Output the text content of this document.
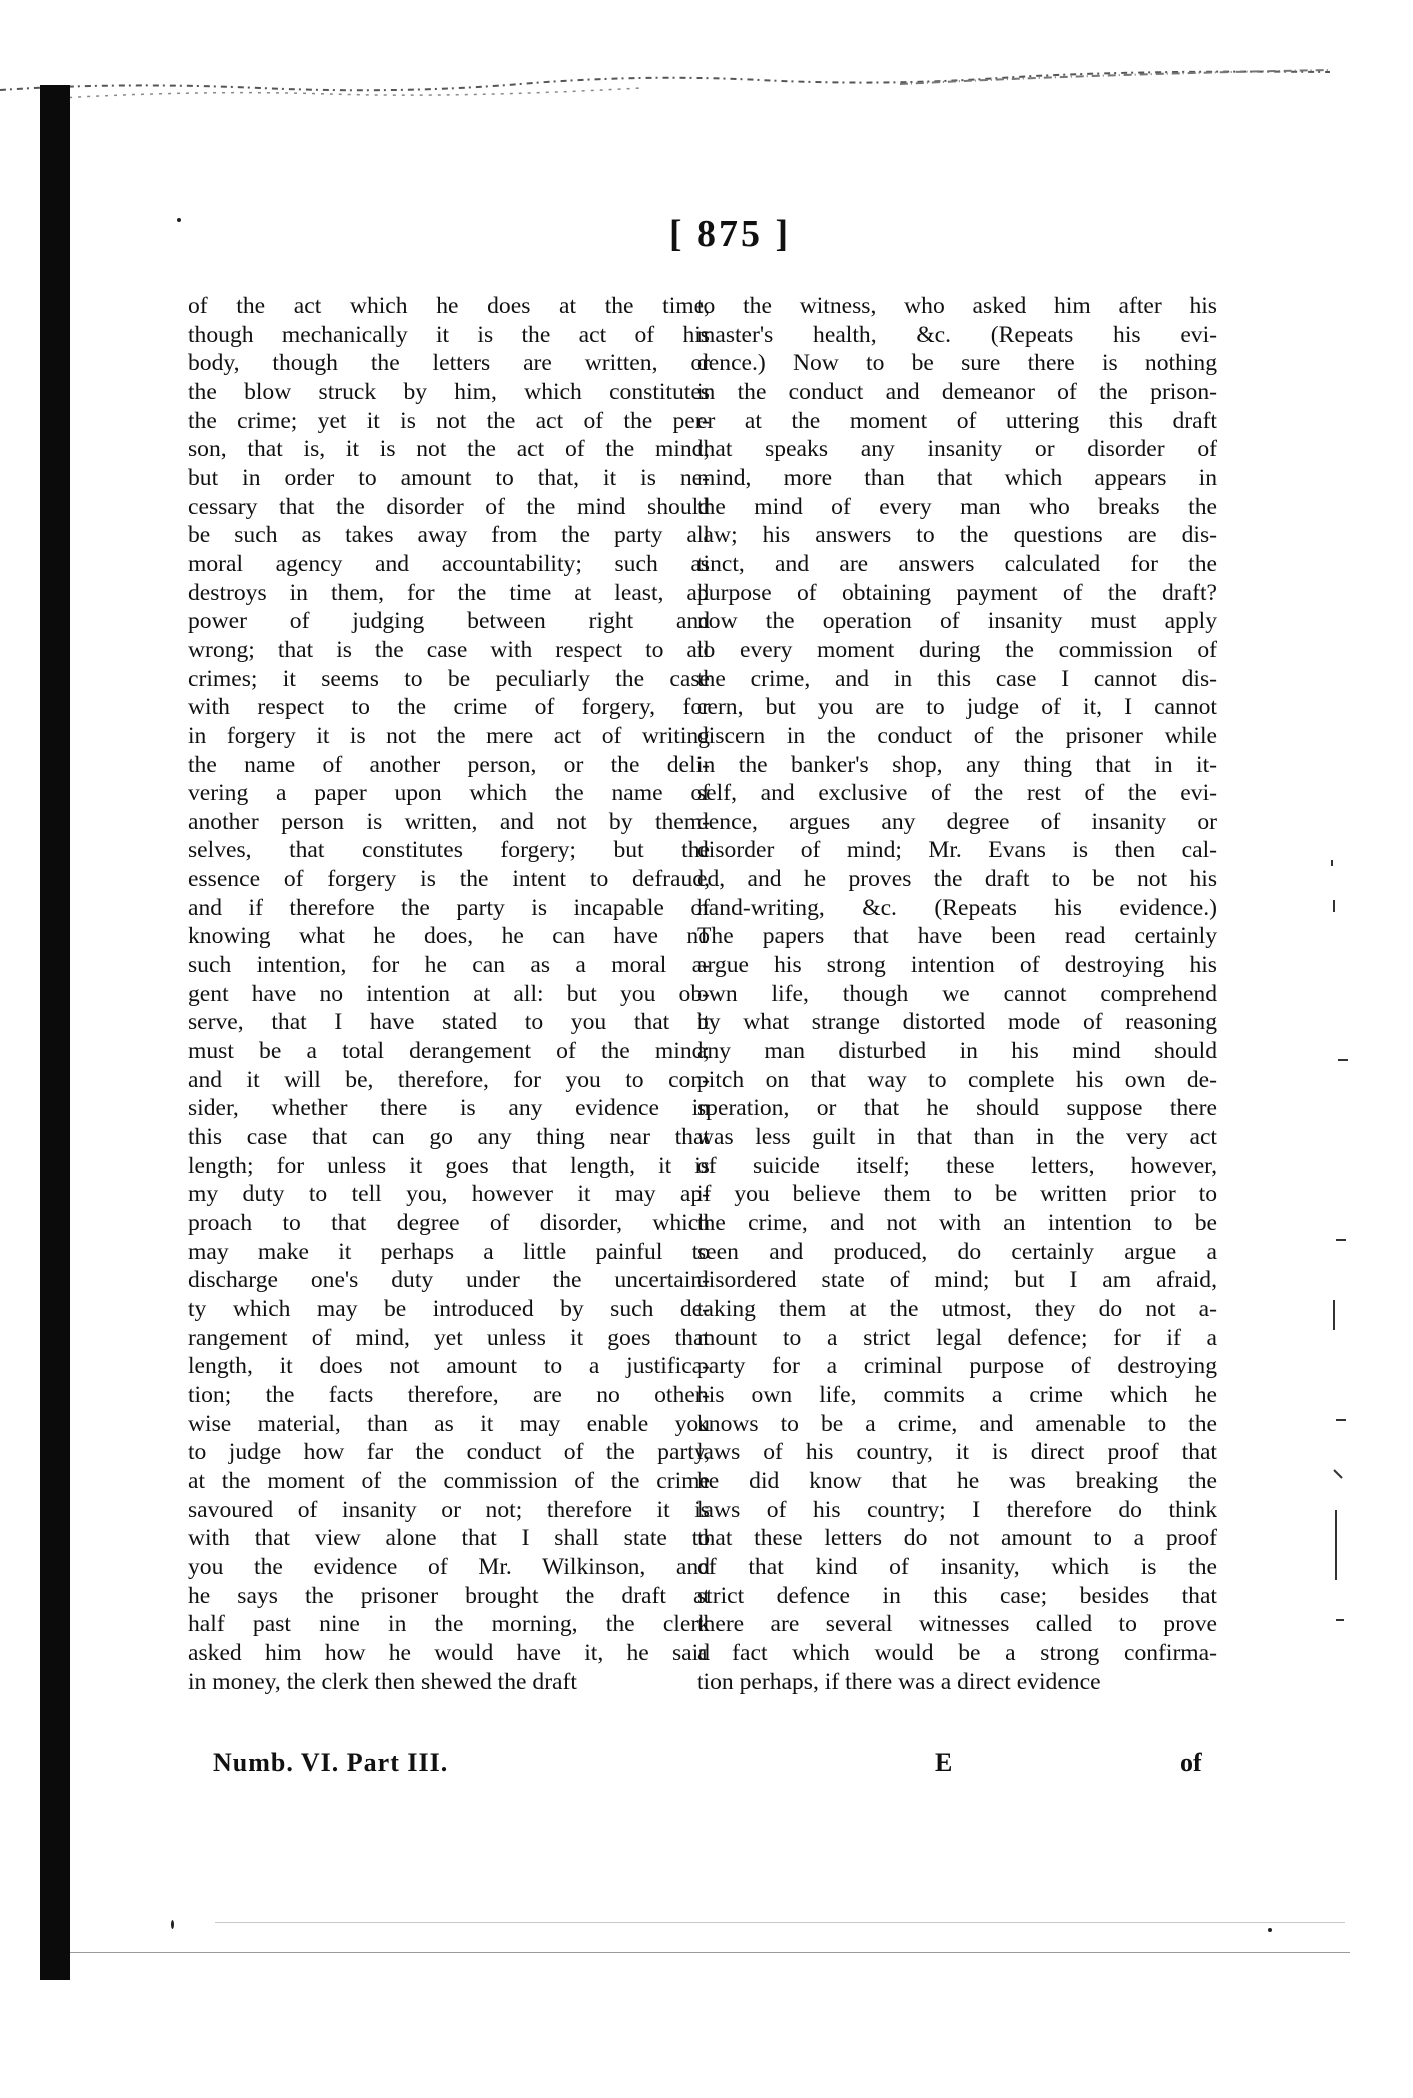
[ 875 ]
of the act which he does at the time,
though mechanically it is the act of his
body, though the letters are written, or
the blow struck by him, which constitutes
the crime; yet it is not the act of the per-
son, that is, it is not the act of the mind;
but in order to amount to that, it is ne-
cessary that the disorder of the mind should
be such as takes away from the party all
moral agency and accountability; such as
destroys in them, for the time at least, all
power of judging between right and
wrong; that is the case with respect to all
crimes; it seems to be peculiarly the case
with respect to the crime of forgery, for
in forgery it is not the mere act of writing
the name of another person, or the deli-
vering a paper upon which the name of
another person is written, and not by them-
selves, that constitutes forgery; but the
essence of forgery is the intent to defraud,
and if therefore the party is incapable of
knowing what he does, he can have no
such intention, for he can as a moral a-
gent have no intention at all: but you ob-
serve, that I have stated to you that it
must be a total derangement of the mind;
and it will be, therefore, for you to con-
sider, whether there is any evidence in
this case that can go any thing near that
length; for unless it goes that length, it is
my duty to tell you, however it may ap-
proach to that degree of disorder, which
may make it perhaps a little painful to
discharge one's duty under the uncertain-
ty which may be introduced by such de-
rangement of mind, yet unless it goes that
length, it does not amount to a justifica-
tion; the facts therefore, are no other-
wise material, than as it may enable you
to judge how far the conduct of the party,
at the moment of the commission of the crime
savoured of insanity or not; therefore it is
with that view alone that I shall state to
you the evidence of Mr. Wilkinson, and
he says the prisoner brought the draft at
half past nine in the morning, the clerk
asked him how he would have it, he said
in money, the clerk then shewed the draft
to the witness, who asked him after his
master's health, &c. (Repeats his evi-
dence.) Now to be sure there is nothing
in the conduct and demeanor of the prison-
er at the moment of uttering this draft
that speaks any insanity or disorder of
mind, more than that which appears in
the mind of every man who breaks the
law; his answers to the questions are dis-
tinct, and are answers calculated for the
purpose of obtaining payment of the draft?
now the operation of insanity must apply
to every moment during the commission of
the crime, and in this case I cannot dis-
cern, but you are to judge of it, I cannot
discern in the conduct of the prisoner while
in the banker's shop, any thing that in it-
self, and exclusive of the rest of the evi-
dence, argues any degree of insanity or
disorder of mind; Mr. Evans is then cal-
ed, and he proves the draft to be not his
hand-writing, &c. (Repeats his evidence.)
The papers that have been read certainly
argue his strong intention of destroying his
own life, though we cannot comprehend
by what strange distorted mode of reasoning
any man disturbed in his mind should
pitch on that way to complete his own de-
speration, or that he should suppose there
was less guilt in that than in the very act
of suicide itself; these letters, however,
if you believe them to be written prior to
the crime, and not with an intention to be
seen and produced, do certainly argue a
disordered state of mind; but I am afraid,
taking them at the utmost, they do not a-
mount to a strict legal defence; for if a
party for a criminal purpose of destroying
his own life, commits a crime which he
knows to be a crime, and amenable to the
laws of his country, it is direct proof that
he did know that he was breaking the
laws of his country; I therefore do think
that these letters do not amount to a proof
of that kind of insanity, which is the
strict defence in this case; besides that
there are several witnesses called to prove
a fact which would be a strong confirma-
tion perhaps, if there was a direct evidence
Numb. VI. Part III.	E	of
